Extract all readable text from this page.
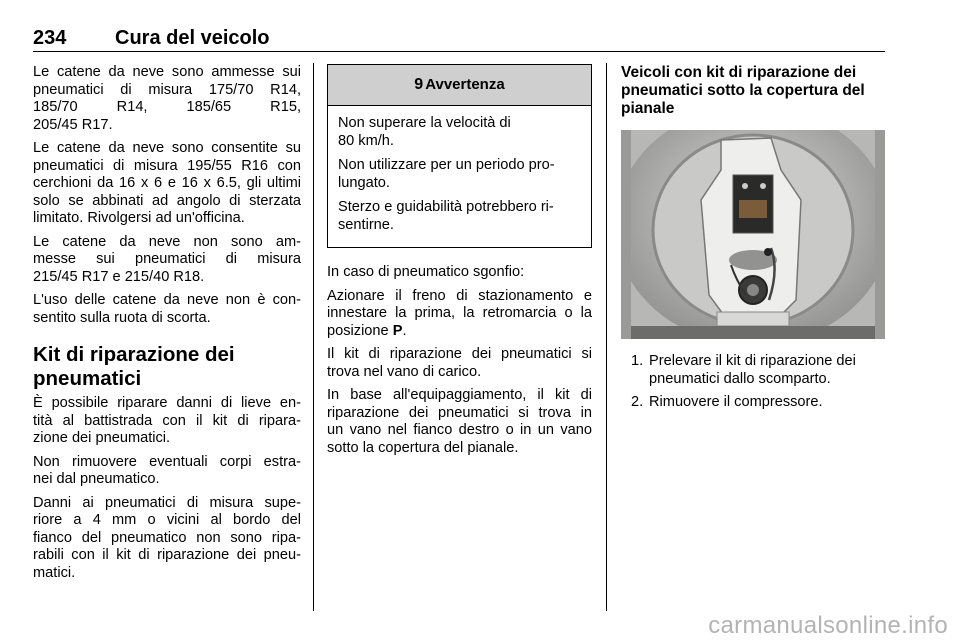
234 Cura del veicolo

Le catene da neve sono ammesse sui
pneumatici di misura 175/70 R14,
185/70 R14, 185/65 R15,
205/45 R17.

Le catene da neve sono consentite su
pneumatici di misura 195/55 R16 con
cerchioni da 16 x 6 e 16 x 6.5, gli ultimi
solo se abbinati ad angolo di sterzata
limitato. Rivolgersi ad un'officina.

Le catene da neve non sono am-
messe sui pneumatici di misura
215/45 R17 e 215/40 R18.

L'uso delle catene da neve non è con-
sentito sulla ruota di scorta.

Kit di riparazione dei
pneumatici

È possibile riparare danni di lieve en-
tità al battistrada con il kit di ripara-
zione dei pneumatici.

Non rimuovere eventuali corpi estra-
nei dal pneumatico.

Danni ai pneumatici di misura supe-
riore a 4 mm o vicini al bordo del
fianco del pneumatico non sono ripa-
rabili con il kit di riparazione dei pneu-
matici.

9 Avvertenza

Non superare la velocità di
80 km/h.

Non utilizzare per un periodo pro-
lungato.

Sterzo e guidabilità potrebbero ri-
sentirne.

In caso di pneumatico sgonfio:

Azionare il freno di stazionamento e
innestare la prima, la retromarcia o la
posizione P.

Il kit di riparazione dei pneumatici si
trova nel vano di carico.

In base all'equipaggiamento, il kit di
riparazione dei pneumatici si trova in
un vano nel fianco destro o in un vano
sotto la copertura del pianale.

Veicoli con kit di riparazione dei
pneumatici sotto la copertura del
pianale
1. Prelevare il kit di riparazione dei
pneumatici dallo scomparto.
2. Rimuovere il compressore.
carmanualsonline.info
